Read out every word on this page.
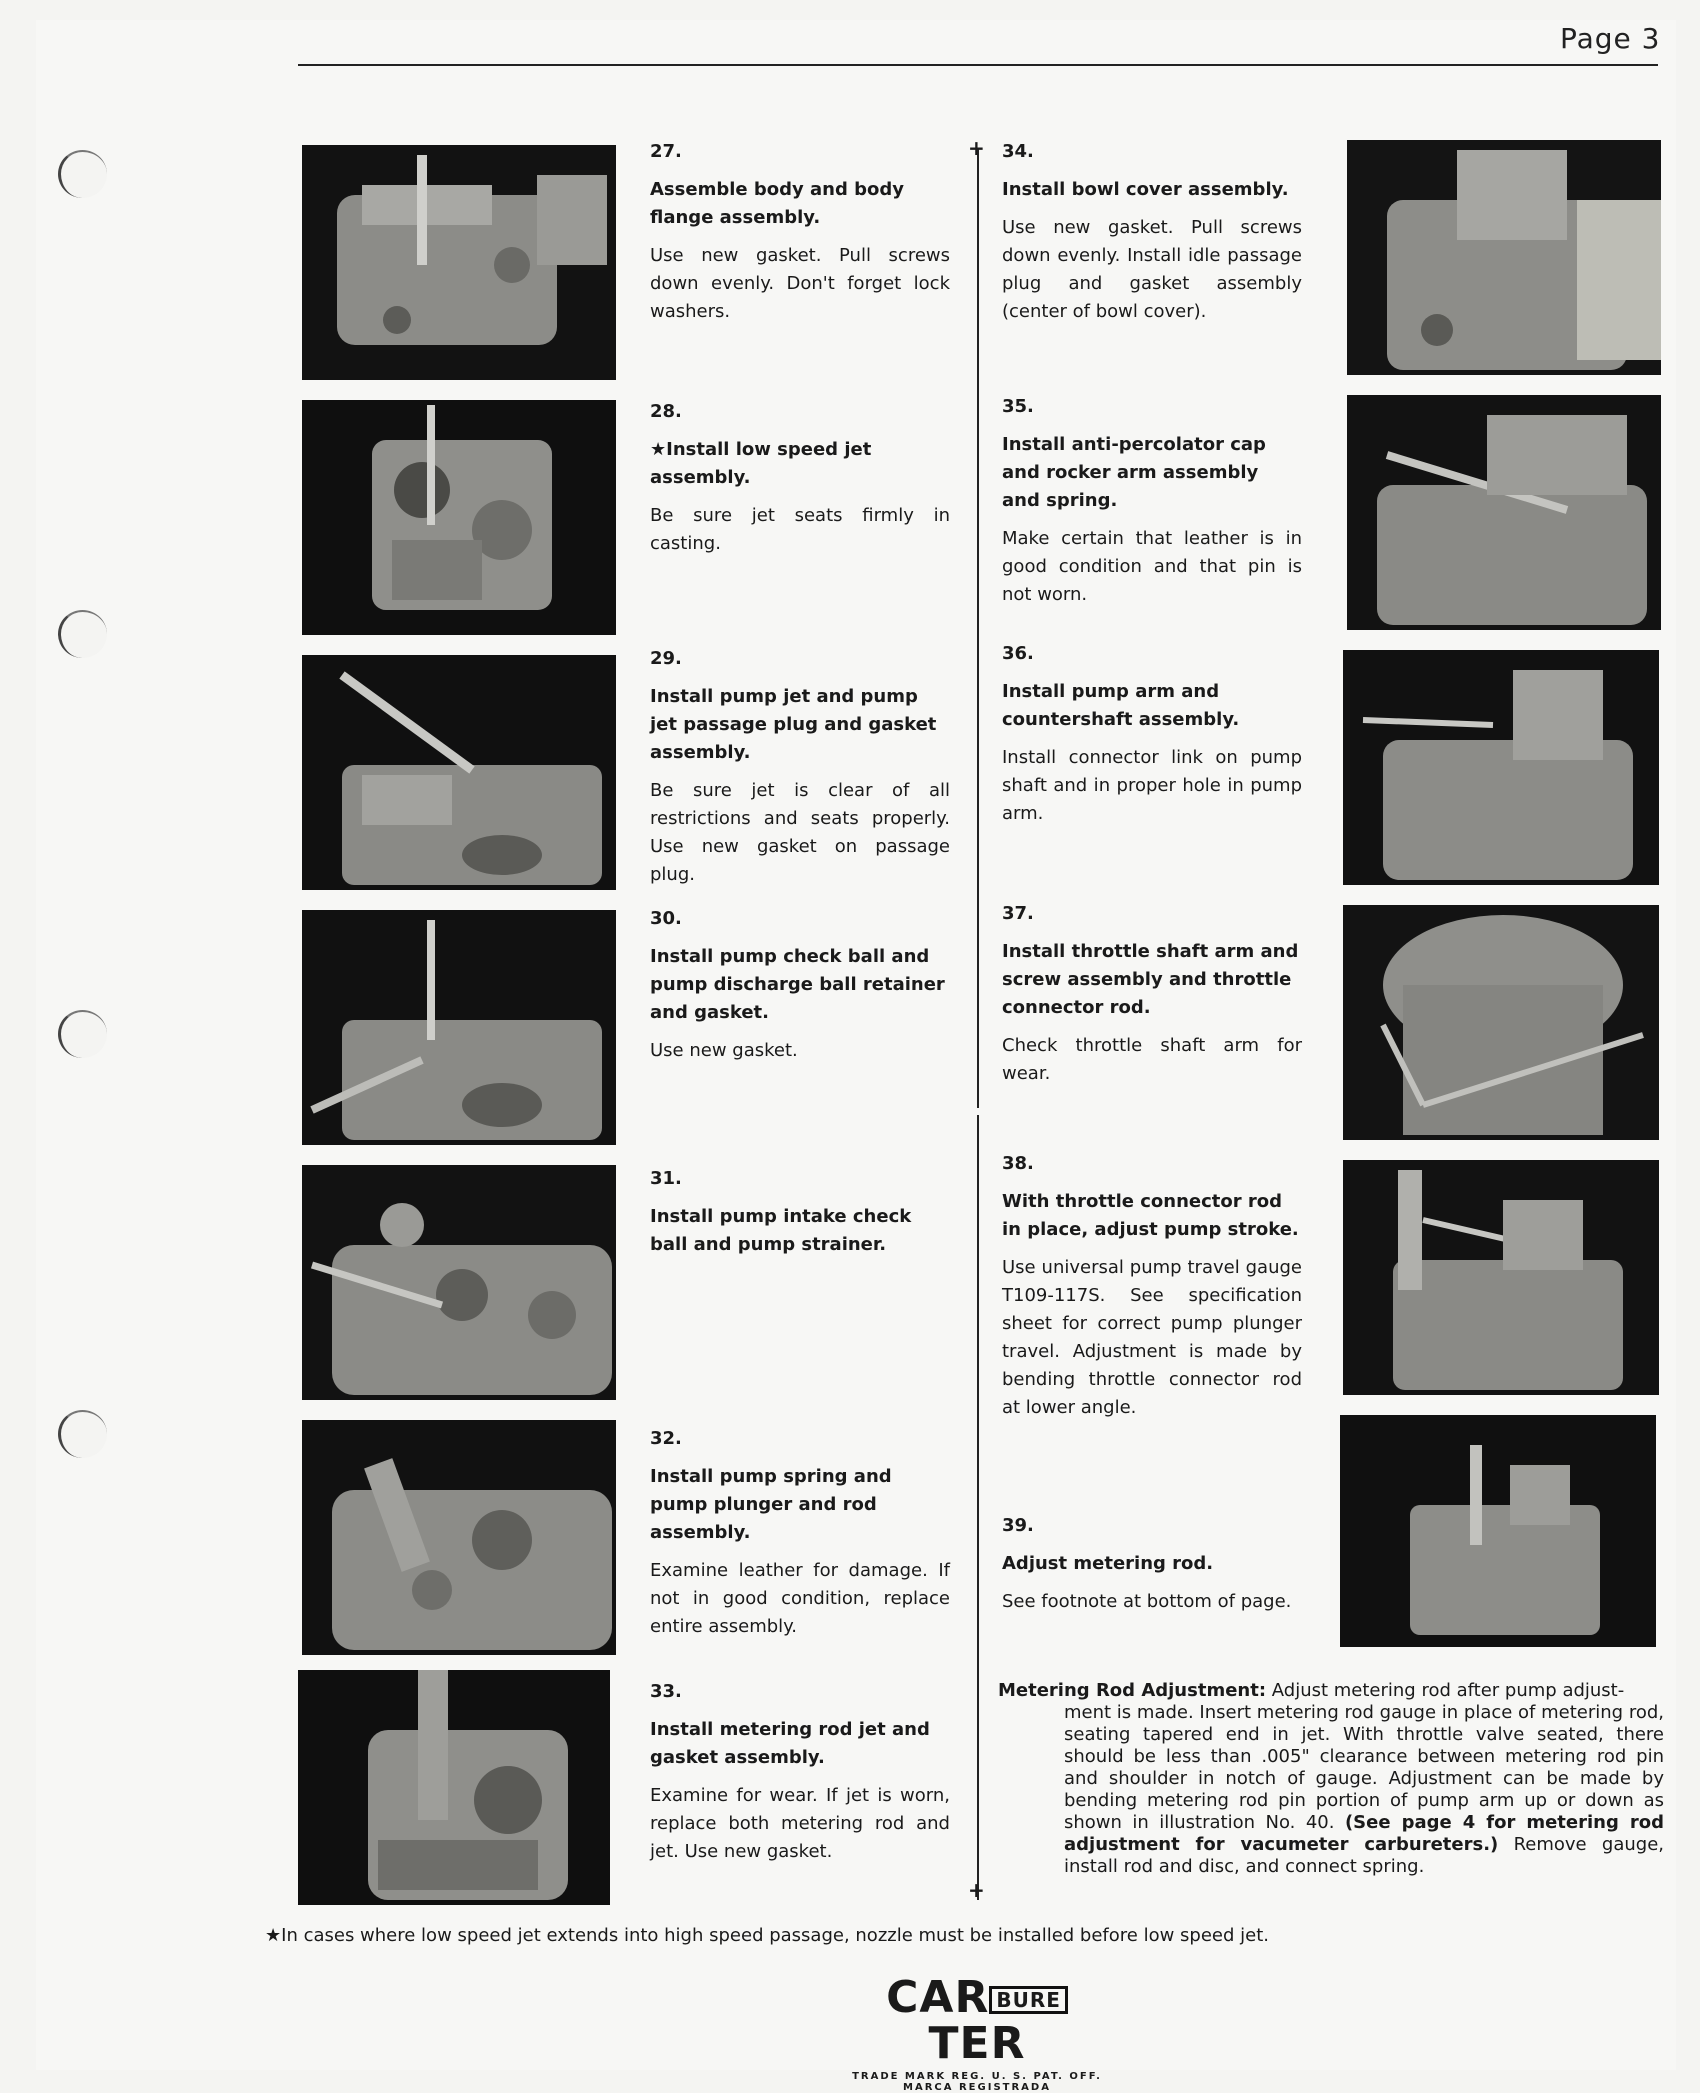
Page 3
+
+
27.
Assemble body and body flange assembly.
Use new gasket. Pull screws down evenly. Don't forget lock washers.
28.
★Install low speed jet assembly.
Be sure jet seats firmly in casting.
29.
Install pump jet and pump jet passage plug and gasket assembly.
Be sure jet is clear of all restrictions and seats properly. Use new gasket on passage plug.
30.
Install pump check ball and pump discharge ball retainer and gasket.
Use new gasket.
31.
Install pump intake check ball and pump strainer.
32.
Install pump spring and pump plunger and rod assembly.
Examine leather for damage. If not in good condition, replace entire assembly.
33.
Install metering rod jet and gasket assembly.
Examine for wear. If jet is worn, replace both metering rod and jet. Use new gasket.
34.
Install bowl cover assembly.
Use new gasket. Pull screws down evenly. Install idle passage plug and gasket assembly (center of bowl cover).
35.
Install anti-percolator cap and rocker arm assembly and spring.
Make certain that leather is in good condition and that pin is not worn.
36.
Install pump arm and countershaft assembly.
Install connector link on pump shaft and in proper hole in pump arm.
37.
Install throttle shaft arm and screw assembly and throttle connector rod.
Check throttle shaft arm for wear.
38.
With throttle connector rod in place, adjust pump stroke.
Use universal pump travel gauge T109-117S. See specification sheet for correct pump plunger travel. Adjustment is made by bending throttle connector rod at lower angle.
39.
Adjust metering rod.
See footnote at bottom of page.
Metering Rod Adjustment: Adjust metering rod after pump adjust-
ment is made. Insert metering rod gauge in place of metering rod, seating tapered end in jet. With throttle valve seated, there should be less than .005" clearance between metering rod pin and shoulder in notch of gauge. Adjustment can be made by bending metering rod pin portion of pump arm up or down as shown in illustration No. 40. (See page 4 for metering rod adjustment for vacumeter carbureters.) Remove gauge, install rod and disc, and connect spring.
★In cases where low speed jet extends into high speed passage, nozzle must be installed before low speed jet.
CAR BURETER
TRADE MARK REG. U. S. PAT. OFF.
MARCA REGISTRADA
